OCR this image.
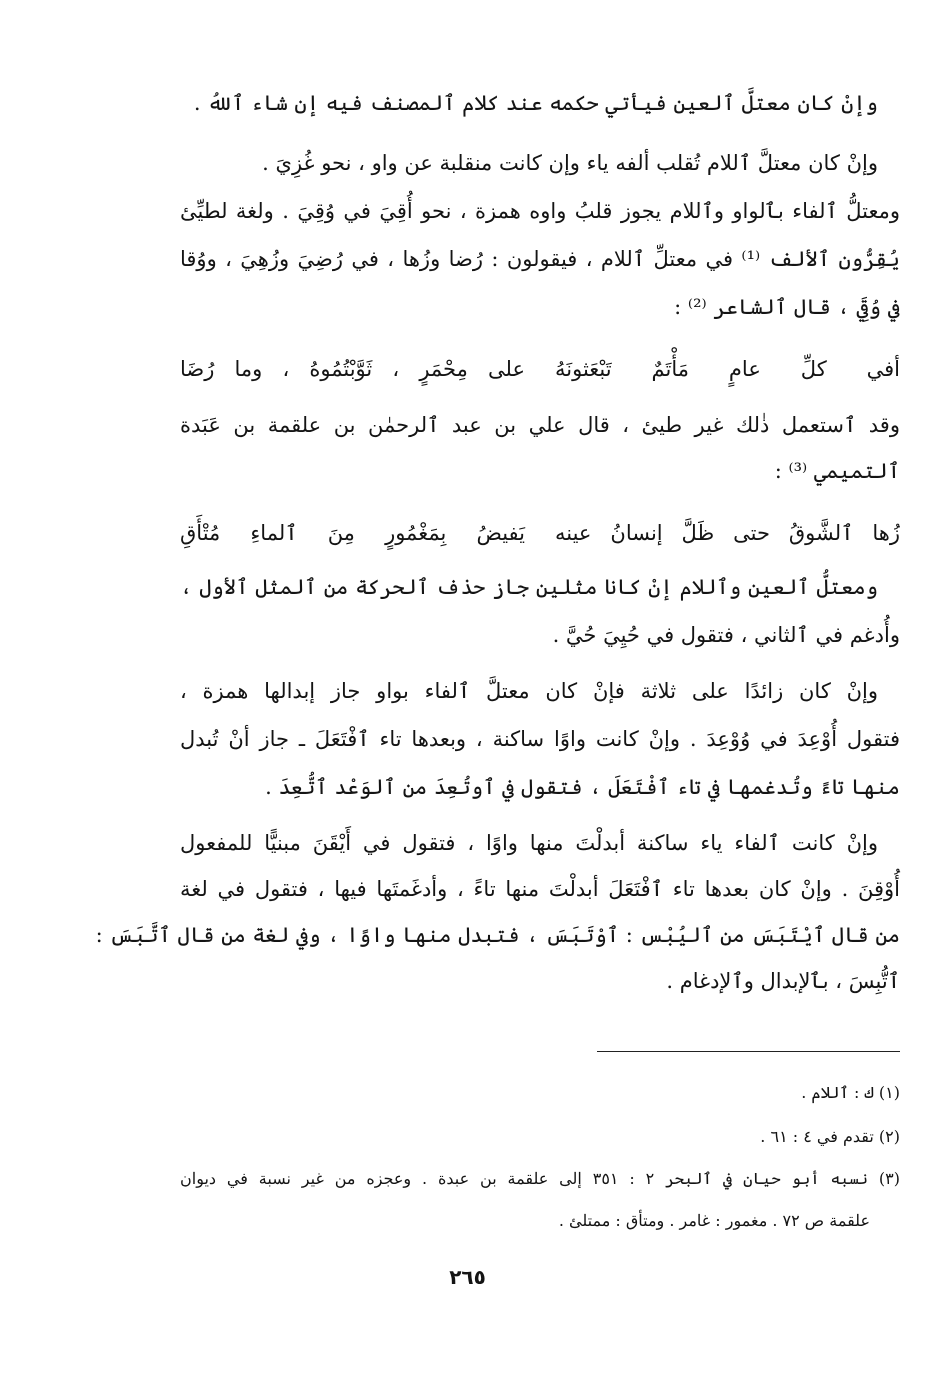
وإنْ كان معتلَّ ٱلعين فيأتي حكمه عند كلام ٱلمصنف فيه إن شاء ٱللهُ .
وإنْ كان معتلَّ ٱللام تُقلب ألفه ياء وإن كانت منقلبة عن واو ، نحو غُزِيَ .
ومعتلُّ ٱلفاء بٱلواو وٱللام يجوز قلبُ واوه همزة ، نحو أُقِيَ في وُقِيَ . ولغة لطيِّئ
يُقِرُّون ٱلألف ⁽¹⁾ في معتلِّ ٱللام ، فيقولون : رُضا وزُها ، في رُضِيَ وزُهِيَ ، ووُقا
في وُقِيَ ، قال ٱلشاعر ⁽²⁾ :
أفي كلِّ عامٍ مَأْتَمٌ تَبْعَثونَهُ
على مِحْمَرٍ ، ثَوَّبْتُمُوهُ ، وما رُضَا
وقد ٱستعمل ذٰلك غير طيئ ، قال علي بن عبد ٱلرحمٰن بن علقمة بن عَبَدة
ٱلتميمي ⁽³⁾ :
زُها ٱلشَّوقُ حتى ظَلَّ إنسانُ عينه
يَفيضُ بِمَغْمُورٍ مِنَ ٱلماءِ مُتْأَقِ
ومعتلُّ ٱلعين وٱللام إنْ كانا مثلين جاز حذف ٱلحركة من ٱلمثل ٱلأول ،
وأُدغم في ٱلثاني ، فتقول في حُيِيَ حُيَّ .
وإنْ كان زائدًا على ثلاثة فإنْ كان معتلَّ ٱلفاء بواو جاز إبدالها همزة ،
فتقول أُوْعِدَ في وُوْعِدَ . وإنْ كانت واوًا ساكنة ، وبعدها تاء ٱفْتَعَلَ ـ جاز أنْ تُبدل
منها تاءً وتُدغمها في تاء ٱفْتَعَلَ ، فتقول في ٱوتُعِدَ من ٱلوَعْد ٱتُّعِدَ .
وإنْ كانت ٱلفاء ياء ساكنة أبدلْتَ منها واوًا ، فتقول في أَيْقَنَ مبنيًّا للمفعول
أُوْقِنَ . وإنْ كان بعدها تاء ٱفْتَعَلَ أبدلْتَ منها تاءً ، وأدغَمتَها فيها ، فتقول في لغة
من قال ٱيْتَبَسَ من ٱليُبْس : ٱوْتَبَسَ ، فتبدل منها واوًا ، وفي لغة من قال ٱتَّبَسَ :
ٱتُّبِسَ ، بٱلإبدال وٱلإدغام .
(١) ك : ٱللام .
(٢) تقدم في ٤ : ٦١ .
(٣) نسبه أبو حيان في ٱلبحر ٢ : ٣٥١ إلى علقمة بن عبدة . وعجزه من غير نسبة في ديوان
علقمة ص ٧٢ . مغمور : غامر . ومتأق : ممتلئ .
٢٦٥
